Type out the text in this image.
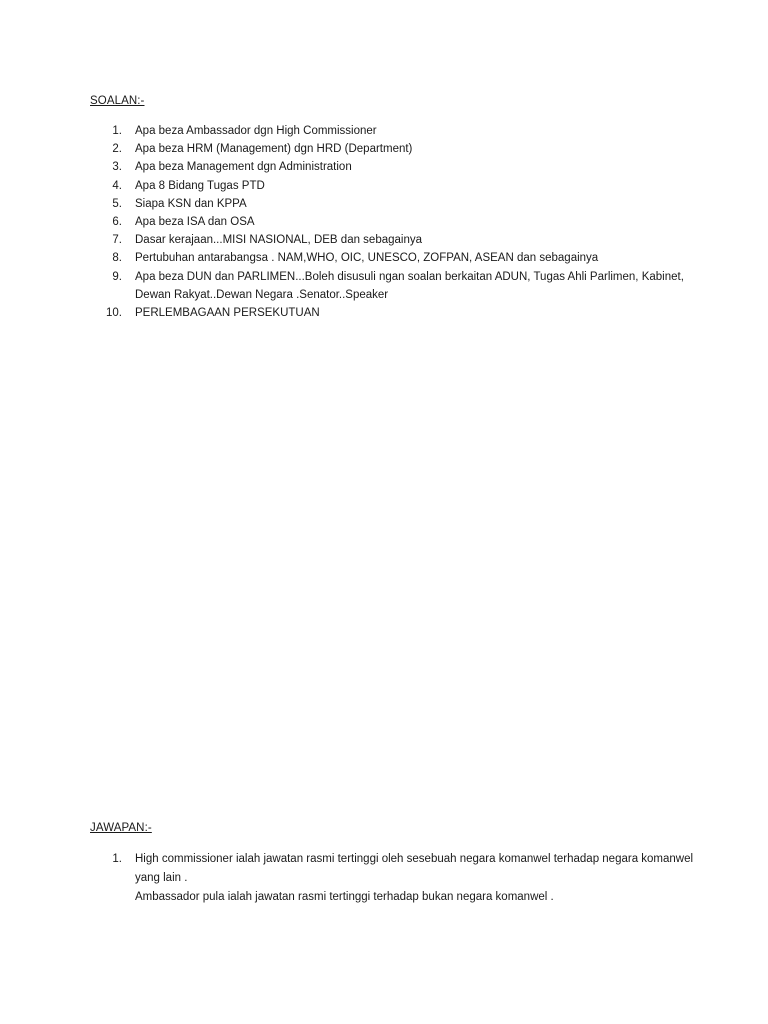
SOALAN:-
1. Apa beza Ambassador dgn High Commissioner
2. Apa beza HRM (Management) dgn HRD (Department)
3. Apa beza Management dgn Administration
4. Apa 8 Bidang Tugas PTD
5. Siapa KSN dan KPPA
6. Apa beza ISA dan OSA
7. Dasar kerajaan...MISI NASIONAL, DEB dan sebagainya
8. Pertubuhan antarabangsa . NAM,WHO, OIC, UNESCO, ZOFPAN, ASEAN dan sebagainya
9. Apa beza DUN dan PARLIMEN...Boleh disusuli ngan soalan berkaitan ADUN, Tugas Ahli Parlimen, Kabinet, Dewan Rakyat..Dewan Negara .Senator..Speaker
10. PERLEMBAGAAN PERSEKUTUAN
JAWAPAN:-
1. High commissioner ialah jawatan rasmi tertinggi oleh sesebuah negara komanwel terhadap negara komanwel yang lain .
Ambassador pula ialah jawatan rasmi tertinggi terhadap bukan negara komanwel .
